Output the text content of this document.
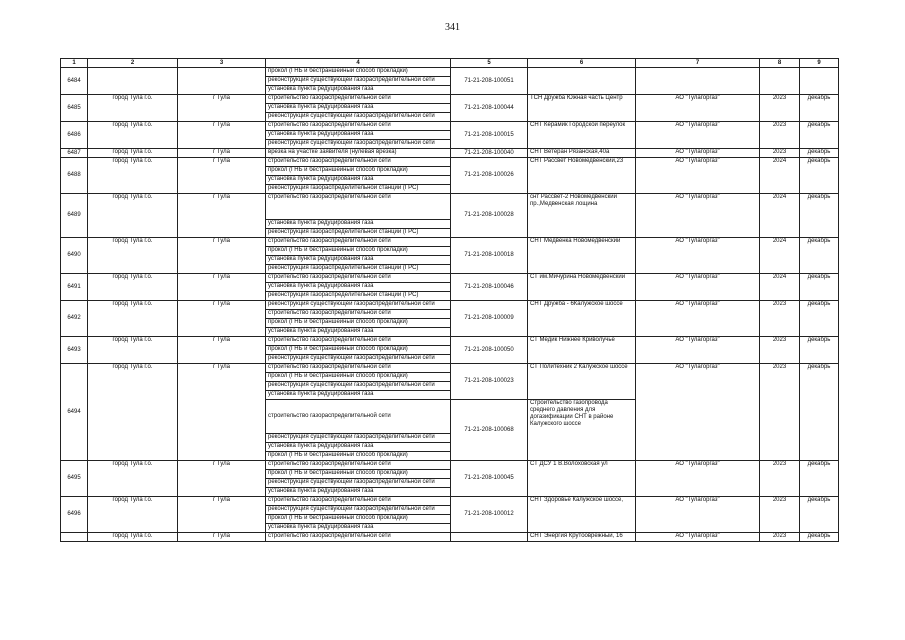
341
1	2	3	4	5	6	7	8	9
6484			прокол (ГНБ и бестраншейный способ прокладки)	71-21-208-100051				
			реконструкция существующей газораспределительной сети					
			установка пункта редуцирования газа					
6485	город Тула г.о.	г Тула	строительство газораспределительной сети	71-21-208-100044	ТСН Дружба Южная часть Центр	АО "Тулагоргаз"	2023	декабрь
			установка пункта редуцирования газа					
			реконструкция существующей газораспределительной сети					
6486	город Тула г.о.	г Тула	строительство газораспределительной сети	71-21-208-100015	СНТ Керамик Городской переулок	АО "Тулагоргаз"	2023	декабрь
			установка пункта редуцирования газа					
			реконструкция существующей газораспределительной сети					
6487	город Тула г.о.	г Тула	врезка на участке заявителя (нулевая врезка)	71-21-208-100040	СНТ Ветеран Рязанская,40а	АО "Тулагоргаз"	2023	декабрь
6488	город Тула г.о.	г Тула	строительство газораспределительной сети	71-21-208-100026	СНТ Рассвет Новомедвенский,23	АО "Тулагоргаз"	2024	декабрь
			прокол (ГНБ и бестраншейный способ прокладки)					
			установка пункта редуцирования газа					
			реконструкция газораспределительной станции (ГРС)					
6489	город Тула г.о.	г Тула	строительство газораспределительной сети	71-21-208-100028	снт Рассвет-2 Новомедвенский пр.,Медвенская лощина	АО "Тулагоргаз"	2024	декабрь
			установка пункта редуцирования газа					
			реконструкция газораспределительной станции (ГРС)					
6490	город Тула г.о.	г Тула	строительство газораспределительной сети	71-21-208-100018	СНТ Медвенка Новомедвенский	АО "Тулагоргаз"	2024	декабрь
			прокол (ГНБ и бестраншейный способ прокладки)					
			установка пункта редуцирования газа					
			реконструкция газораспределительной станции (ГРС)					
6491	город Тула г.о.	г Тула	строительство газораспределительной сети	71-21-208-100046	СТ им.Мичурина Новомедвенский	АО "Тулагоргаз"	2024	декабрь
			установка пункта редуцирования газа					
			реконструкция газораспределительной станции (ГРС)					
6492	город Тула г.о.	г Тула	реконструкция существующей газораспределительной сети	71-21-208-100009	СНТ Дружба - 6Калужское шоссе	АО "Тулагоргаз"	2023	декабрь
			строительство газораспределительной сети					
			прокол (ГНБ и бестраншейный способ прокладки)					
			установка пункта редуцирования газа					
6493	город Тула г.о.	г Тула	строительство газораспределительной сети	71-21-208-100050	СТ Медик Нижнее Криволучье	АО "Тулагоргаз"	2023	декабрь
			прокол (ГНБ и бестраншейный способ прокладки)					
			реконструкция существующей газораспределительной сети					
6494	город Тула г.о.	г Тула	строительство газораспределительной сети	71-21-208-100023	СТ Политехник 2 Калужское шоссе	АО "Тулагоргаз"	2023	декабрь
			прокол (ГНБ и бестраншейный способ прокладки)					
			реконструкция существующей газораспределительной сети					
			установка пункта редуцирования газа					
			строительство газораспределительной сети	71-21-208-100068	Строительство газопровода среднего давления для догазификации СНТ в районе Калужского шоссе			
			реконструкция существующей газораспределительной сети					
			установка пункта редуцирования газа					
			прокол (ГНБ и бестраншейный способ прокладки)					
6495	город Тула г.о.	г Тула	строительство газораспределительной сети	71-21-208-100045	СТ ДСУ 1 В.Волоховская ул	АО "Тулагоргаз"	2023	декабрь
			прокол (ГНБ и бестраншейный способ прокладки)					
			реконструкция существующей газораспределительной сети					
			установка пункта редуцирования газа					
6496	город Тула г.о.	г Тула	строительство газораспределительной сети	71-21-208-100012	СНТ Здоровье Калужское шоссе,	АО "Тулагоргаз"	2023	декабрь
			реконструкция существующей газораспределительной сети					
			прокол (ГНБ и бестраншейный способ прокладки)					
			установка пункта редуцирования газа					
	город Тула г.о.	г Тула	строительство газораспределительной сети		СНТ Энергия Крутооврежный, 16	АО "Тулагоргаз"	2023	декабрь
